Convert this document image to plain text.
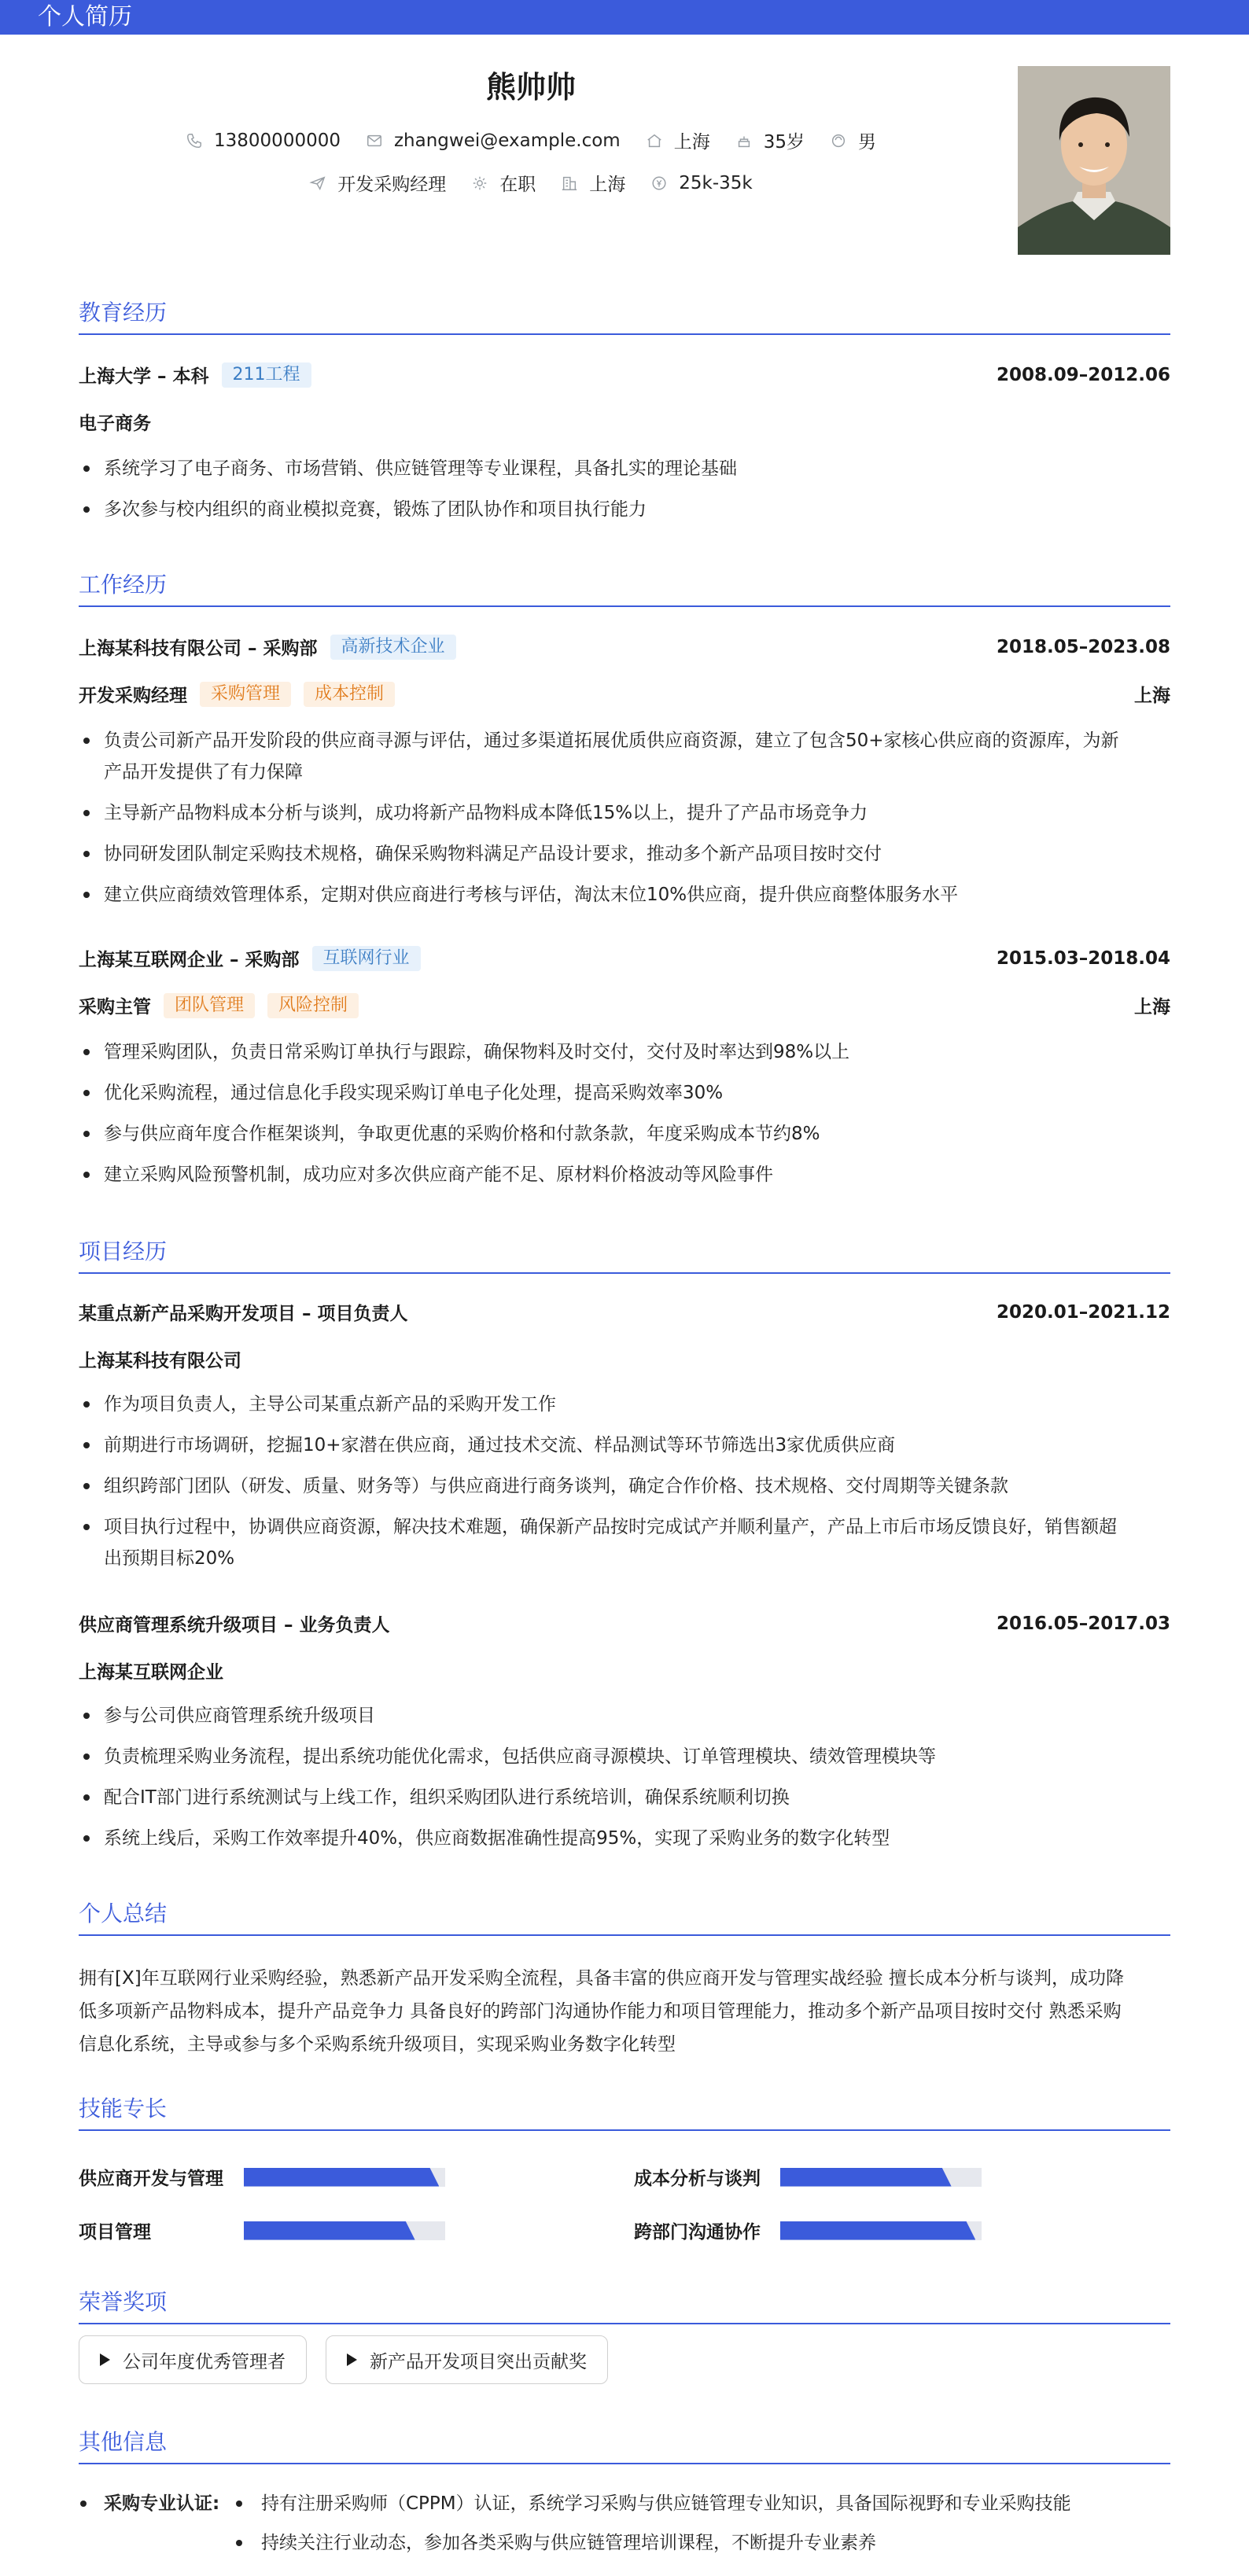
个人简历
熊帅帅
13800000000	zhangwei@example.com	上海	35岁	男
开发采购经理	在职	上海	25k-35k
教育经历
上海大学 – 本科	211工程	2008.09–2012.06
电子商务
系统学习了电子商务、市场营销、供应链管理等专业课程，具备扎实的理论基础
多次参与校内组织的商业模拟竞赛，锻炼了团队协作和项目执行能力
工作经历
上海某科技有限公司 – 采购部	高新技术企业	2018.05–2023.08
开发采购经理	采购管理	成本控制	上海
负责公司新产品开发阶段的供应商寻源与评估，通过多渠道拓展优质供应商资源，建立了包含50+家核心供应商的资源库，为新
产品开发提供了有力保障
主导新产品物料成本分析与谈判，成功将新产品物料成本降低15%以上，提升了产品市场竞争力
协同研发团队制定采购技术规格，确保采购物料满足产品设计要求，推动多个新产品项目按时交付
建立供应商绩效管理体系，定期对供应商进行考核与评估，淘汰末位10%供应商，提升供应商整体服务水平
上海某互联网企业 – 采购部	互联网行业	2015.03–2018.04
采购主管	团队管理	风险控制	上海
管理采购团队，负责日常采购订单执行与跟踪，确保物料及时交付，交付及时率达到98%以上
优化采购流程，通过信息化手段实现采购订单电子化处理，提高采购效率30%
参与供应商年度合作框架谈判，争取更优惠的采购价格和付款条款，年度采购成本节约8%
建立采购风险预警机制，成功应对多次供应商产能不足、原材料价格波动等风险事件
项目经历
某重点新产品采购开发项目 – 项目负责人	2020.01–2021.12
上海某科技有限公司
作为项目负责人，主导公司某重点新产品的采购开发工作
前期进行市场调研，挖掘10+家潜在供应商，通过技术交流、样品测试等环节筛选出3家优质供应商
组织跨部门团队（研发、质量、财务等）与供应商进行商务谈判，确定合作价格、技术规格、交付周期等关键条款
项目执行过程中，协调供应商资源，解决技术难题，确保新产品按时完成试产并顺利量产，产品上市后市场反馈良好，销售额超
出预期目标20%
供应商管理系统升级项目 – 业务负责人	2016.05–2017.03
上海某互联网企业
参与公司供应商管理系统升级项目
负责梳理采购业务流程，提出系统功能优化需求，包括供应商寻源模块、订单管理模块、绩效管理模块等
配合IT部门进行系统测试与上线工作，组织采购团队进行系统培训，确保系统顺利切换
系统上线后，采购工作效率提升40%，供应商数据准确性提高95%，实现了采购业务的数字化转型
个人总结
拥有[X]年互联网行业采购经验，熟悉新产品开发采购全流程，具备丰富的供应商开发与管理实战经验 擅长成本分析与谈判，成功降
低多项新产品物料成本，提升产品竞争力 具备良好的跨部门沟通协作能力和项目管理能力，推动多个新产品项目按时交付 熟悉采购
信息化系统，主导或参与多个采购系统升级项目，实现采购业务数字化转型
技能专长
供应商开发与管理	成本分析与谈判
项目管理	跨部门沟通协作
荣誉奖项
公司年度优秀管理者	新产品开发项目突出贡献奖
其他信息
采购专业认证: 持有注册采购师（CPPM）认证，系统学习采购与供应链管理专业知识，具备国际视野和专业采购技能
持续关注行业动态，参加各类采购与供应链管理培训课程，不断提升专业素养
